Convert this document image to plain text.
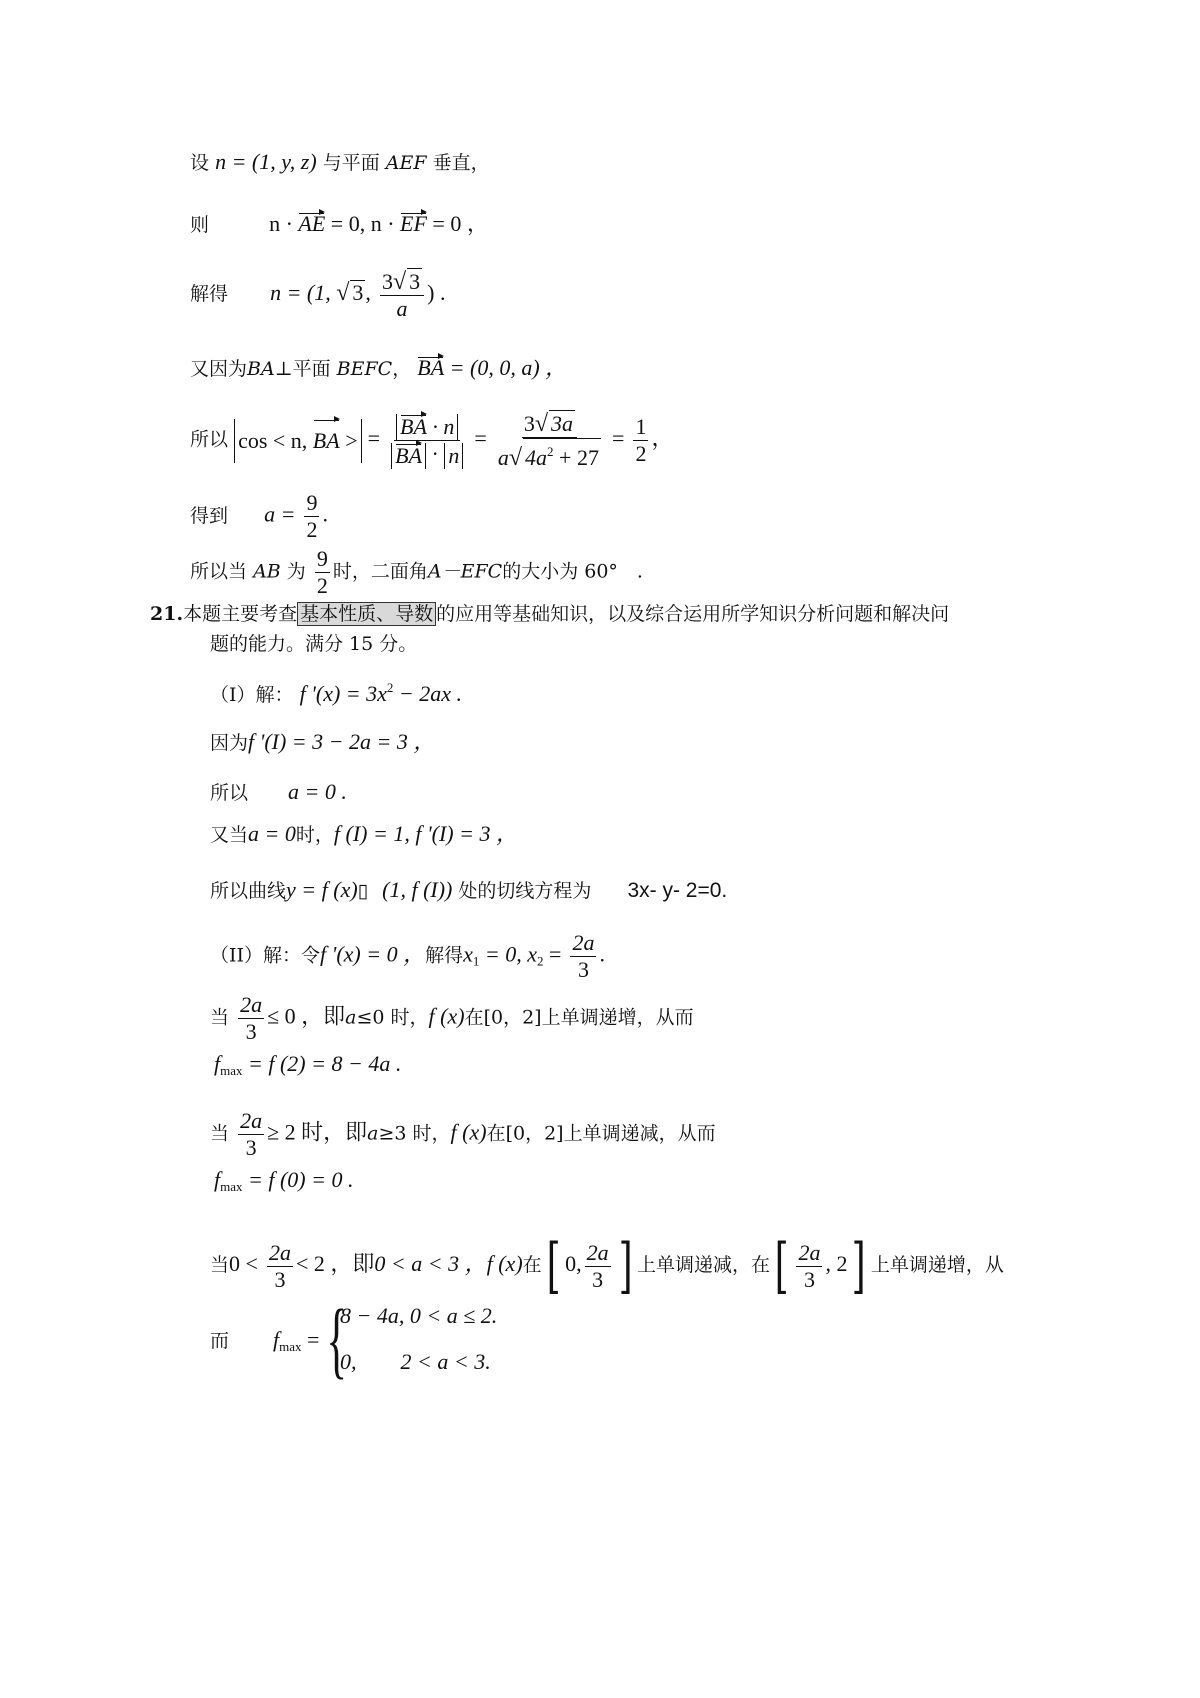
设 n = (1, y, z) 与平面 AEF 垂直，
则	n · AE = 0, n · EF = 0 ，
解得 n = (1, √ 3, $\frac{3√ 3}{a}$ ) .
又因为BA⊥平面 BEFC， BA = (0, 0, a) ，
所以 cos < n, BA > = $\frac{BA \cdot n}{BA \cdot n} = \frac{3√ 3a}{a√ 4a^2 + 27} = \frac{1}{2}$ ，
得到 $a = \frac{9}{2}$ .
所以当 AB 为 $\frac{9}{2}$ 时，二面角A－EFC的大小为 60°　.
21.本题主要考查 基本性质、导数 的应用等基础知识，以及综合运用所学知识分析问题和解决问
题的能力。满分 15 分。
（I）解： f '$(x) = 3x^2 - 2ax$ .
因为f '(I) = 3 − 2a = 3 ，
所以 a = 0 .
又当a = 0时，f (I) = 1, f '(I) = 3 ，
所以曲线y = f (x)▯ (1, f (I)) 处的切线方程为 3x- y- 2=0.
（II）解：令f '(x) = 0 ，解得$x_1 = 0$, $x_2 = \frac{2a}{3}$ .
当 $\frac{2a}{3} \le 0$ ，即a≤0 时，f (x)在[0，2]上单调递增，从而
$f_{max} = f$ (2) = 8 − 4a .
当 $\frac{2a}{3} \ge 2$ 时，即a≥3 时，f (x)在[0，2]上单调递减，从而
$f_{max} = f$ (0) = 0 .
当$0 < \frac{2a}{3} < 2$ ，即0 < a < 3 ，f (x)在[ 0, $\frac{2a}{3}$ ] 上单调递减，在[ $\frac{2a}{3}$ , 2] 上单调递增，从
而 $f_{max}$ = {
8 − 4a, 0 < a ≤ 2.
0,　　2 < a < 3.
